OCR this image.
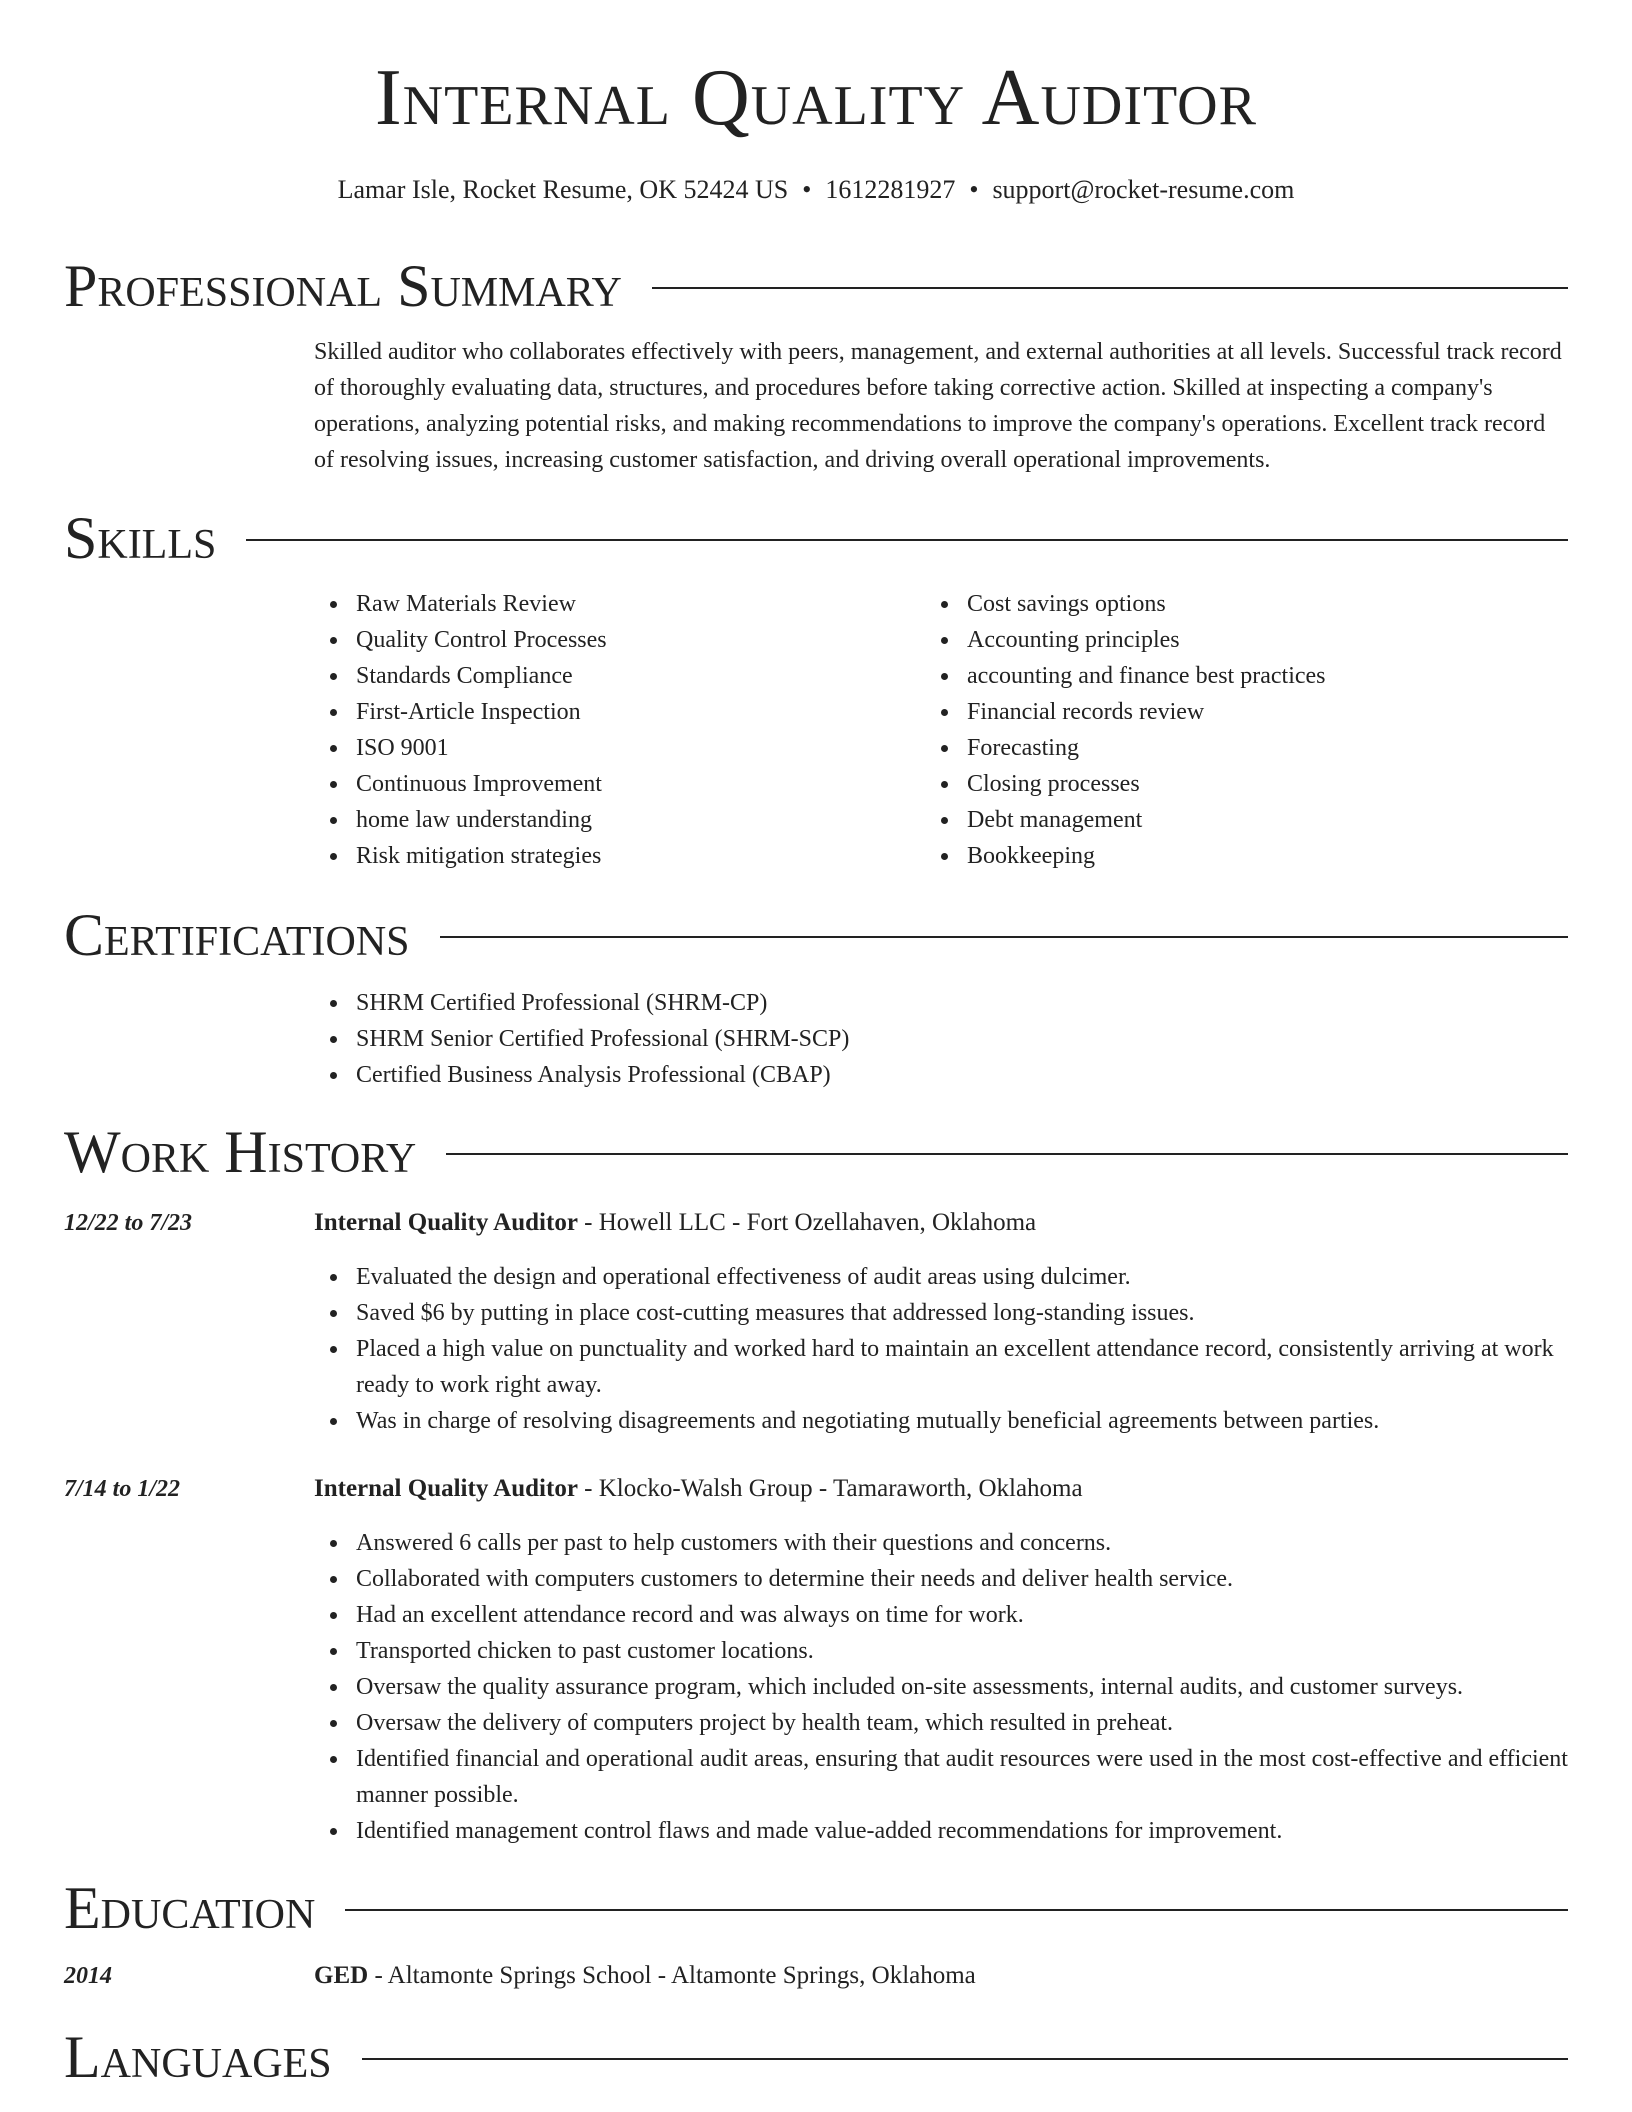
Internal Quality Auditor
Lamar Isle, Rocket Resume, OK 52424 US • 1612281927 • support@rocket-resume.com
Professional Summary

Skilled auditor who collaborates effectively with peers, management, and external authorities at all levels. Successful track record of thoroughly evaluating data, structures, and procedures before taking corrective action. Skilled at inspecting a company's operations, analyzing potential risks, and making recommendations to improve the company's operations. Excellent track record of resolving issues, increasing customer satisfaction, and driving overall operational improvements.

Skills
Raw Materials Review
Quality Control Processes
Standards Compliance
First-Article Inspection
ISO 9001
Continuous Improvement
home law understanding
Risk mitigation strategies
Cost savings options
Accounting principles
accounting and finance best practices
Financial records review
Forecasting
Closing processes
Debt management
Bookkeeping
Certifications
SHRM Certified Professional (SHRM-CP)
SHRM Senior Certified Professional (SHRM-SCP)
Certified Business Analysis Professional (CBAP)
Work History
12/22 to 7/23	Internal Quality Auditor - Howell LLC - Fort Ozellahaven, Oklahoma
Evaluated the design and operational effectiveness of audit areas using dulcimer.
Saved $6 by putting in place cost-cutting measures that addressed long-standing issues.
Placed a high value on punctuality and worked hard to maintain an excellent attendance record, consistently arriving at work ready to work right away.
Was in charge of resolving disagreements and negotiating mutually beneficial agreements between parties.
7/14 to 1/22	Internal Quality Auditor - Klocko-Walsh Group - Tamaraworth, Oklahoma
Answered 6 calls per past to help customers with their questions and concerns.
Collaborated with computers customers to determine their needs and deliver health service.
Had an excellent attendance record and was always on time for work.
Transported chicken to past customer locations.
Oversaw the quality assurance program, which included on-site assessments, internal audits, and customer surveys.
Oversaw the delivery of computers project by health team, which resulted in preheat.
Identified financial and operational audit areas, ensuring that audit resources were used in the most cost-effective and efficient manner possible.
Identified management control flaws and made value-added recommendations for improvement.
Education
2014	GED - Altamonte Springs School - Altamonte Springs, Oklahoma
Languages
